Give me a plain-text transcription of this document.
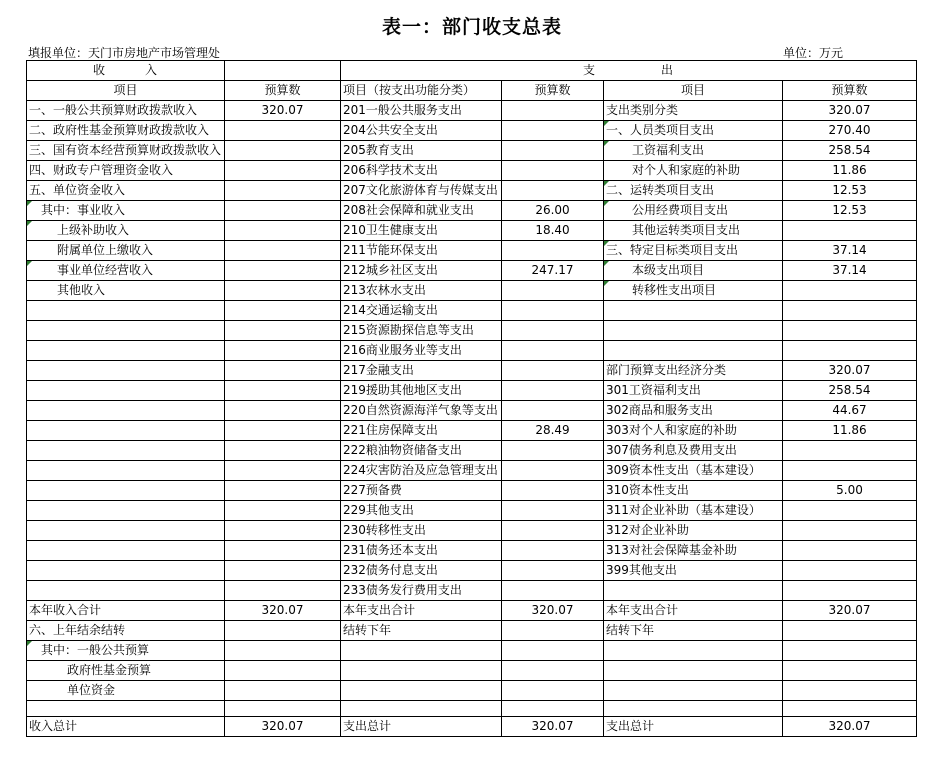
表一：部门收支总表
填报单位：天门市房地产市场管理处	单位：万元
收　　　入		支　　　　　出			
项目	预算数	项目（按支出功能分类）	预算数	项目	预算数
一、一般公共预算财政拨款收入	320.07	201一般公共服务支出		支出类别分类	320.07
二、政府性基金预算财政拨款收入		204公共安全支出		一、人员类项目支出	270.40
三、国有资本经营预算财政拨款收入		205教育支出		工资福利支出	258.54
四、财政专户管理资金收入		206科学技术支出		对个人和家庭的补助	11.86
五、单位资金收入		207文化旅游体育与传媒支出		二、运转类项目支出	12.53
其中：事业收入		208社会保障和就业支出	26.00	公用经费项目支出	12.53
上级补助收入		210卫生健康支出	18.40	其他运转类项目支出	
附属单位上缴收入		211节能环保支出		三、特定目标类项目支出	37.14
事业单位经营收入		212城乡社区支出	247.17	本级支出项目	37.14
其他收入		213农林水支出		转移性支出项目	
		214交通运输支出			
		215资源勘探信息等支出			
		216商业服务业等支出			
		217金融支出		部门预算支出经济分类	320.07
		219援助其他地区支出		301工资福利支出	258.54
		220自然资源海洋气象等支出		302商品和服务支出	44.67
		221住房保障支出	28.49	303对个人和家庭的补助	11.86
		222粮油物资储备支出		307债务利息及费用支出	
		224灾害防治及应急管理支出		309资本性支出（基本建设）	
		227预备费		310资本性支出	5.00
		229其他支出		311对企业补助（基本建设）	
		230转移性支出		312对企业补助	
		231债务还本支出		313对社会保障基金补助	
		232债务付息支出		399其他支出	
		233债务发行费用支出			
本年收入合计	320.07	本年支出合计	320.07	本年支出合计	320.07
六、上年结余结转		结转下年		结转下年	
其中：一般公共预算					
政府性基金预算					
单位资金					

收入总计	320.07	支出总计	320.07	支出总计	320.07
